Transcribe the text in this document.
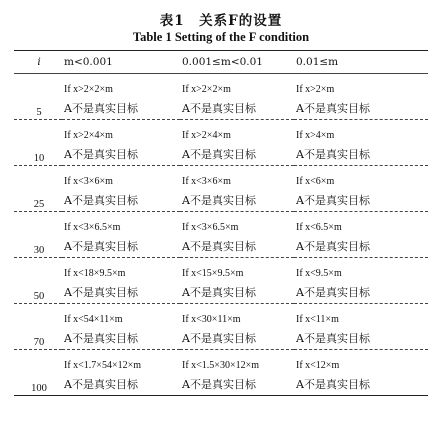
表1　关系F的设置
Table 1 Setting of the F condition
i	m<0.001	0.001≤m<0.01	0.01≤m
5	If x>2×2×m	If x>2×2×m	If x>2×m
	A不是真实目标	A不是真实目标	A不是真实目标
10	If x>2×4×m	If x>2×4×m	If x>4×m
	A不是真实目标	A不是真实目标	A不是真实目标
25	If x<3×6×m	If x<3×6×m	If x<6×m
	A不是真实目标	A不是真实目标	A不是真实目标
30	If x<3×6.5×m	If x<3×6.5×m	If x<6.5×m
	A不是真实目标	A不是真实目标	A不是真实目标
50	If x<18×9.5×m	If x<15×9.5×m	If x<9.5×m
	A不是真实目标	A不是真实目标	A不是真实目标
70	If x<54×11×m	If x<30×11×m	If x<11×m
	A不是真实目标	A不是真实目标	A不是真实目标
100	If x<1.7×54×12×m	If x<1.5×30×12×m	If x<12×m
	A不是真实目标	A不是真实目标	A不是真实目标
